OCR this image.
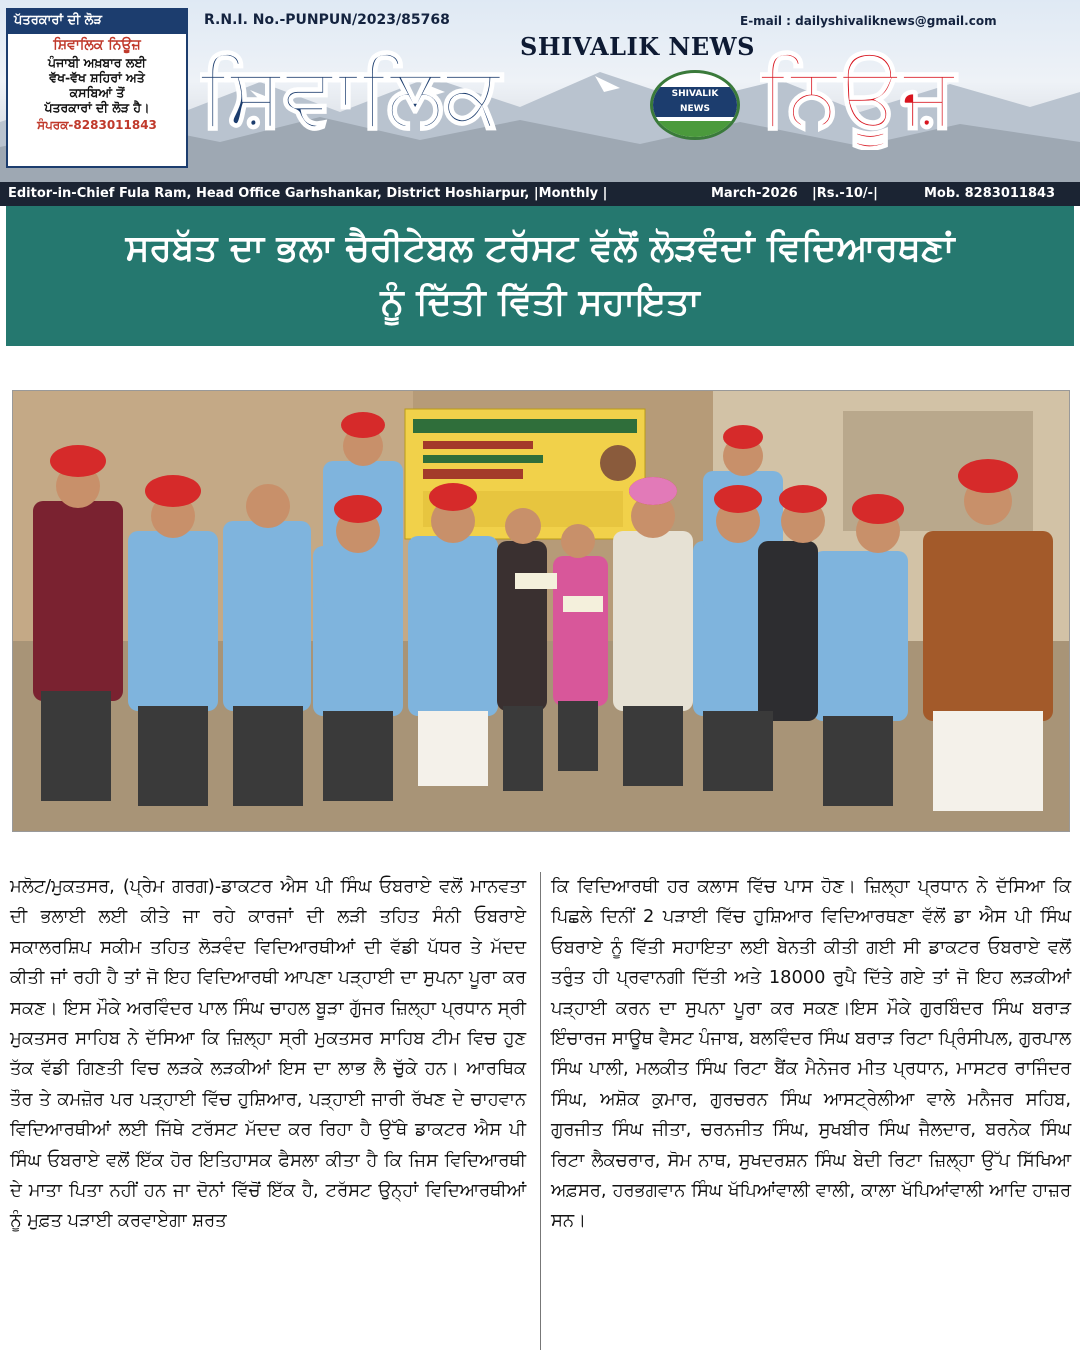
ਪੱਤਰਕਾਰਾਂ ਦੀ ਲੋੜ
ਸ਼ਿਵਾਲਿਕ ਨਿਊਜ਼
ਪੰਜਾਬੀ ਅਖ਼ਬਾਰ ਲਈ
ਵੱਖ-ਵੱਖ ਸ਼ਹਿਰਾਂ ਅਤੇ
ਕਸਬਿਆਂ ਤੋਂ
ਪੱਤਰਕਾਰਾਂ ਦੀ ਲੋੜ ਹੈ।
ਸੰਪਰਕ-8283011843
R.N.I. No.-PUNPUN/2023/85768	E-mail : dailyshivaliknews@gmail.com
SHIVALIK NEWS
ਸ਼ਿਵਾਲਿਕ	SHIVALIK
NEWS ਨਿਊਜ਼
Editor-in-Chief Fula Ram, Head Office Garhshankar, District Hoshiarpur, |Monthly |	March-2026 |Rs.-10/-|	Mob. 8283011843
ਸਰਬੱਤ ਦਾ ਭਲਾ ਚੈਰੀਟੇਬਲ ਟਰੱਸਟ ਵੱਲੋਂ ਲੋੜਵੰਦਾਂ ਵਿਦਿਆਰਥਣਾਂ
ਨੂੰ ਦਿੱਤੀ ਵਿੱਤੀ ਸਹਾਇਤਾ
ਮਲੋਟ/ਮੁਕਤਸਰ, (ਪ੍ਰੇਮ ਗਰਗ)-ਡਾਕਟਰ ਐਸ ਪੀ ਸਿੰਘ ਓਬਰਾਏ ਵਲੋਂ ਮਾਨਵਤਾ ਦੀ ਭਲਾਈ ਲਈ ਕੀਤੇ ਜਾ ਰਹੇ ਕਾਰਜਾਂ ਦੀ ਲੜੀ ਤਹਿਤ ਸੰਨੀ ਓਬਰਾਏ ਸਕਾਲਰਸ਼ਿਪ ਸਕੀਮ ਤਹਿਤ ਲੋੜਵੰਦ ਵਿਦਿਆਰਥੀਆਂ ਦੀ ਵੱਡੀ ਪੱਧਰ ਤੇ ਮੱਦਦ ਕੀਤੀ ਜਾਂ ਰਹੀ ਹੈ ਤਾਂ ਜੋ ਇਹ ਵਿਦਿਆਰਥੀ ਆਪਣਾ ਪੜ੍ਹਾਈ ਦਾ ਸੁਪਨਾ ਪੂਰਾ ਕਰ ਸਕਣ। ਇਸ ਮੌਕੇ ਅਰਵਿੰਦਰ ਪਾਲ ਸਿੰਘ ਚਾਹਲ ਬੂੜਾ ਗੁੱਜਰ ਜ਼ਿਲ੍ਹਾ ਪ੍ਰਧਾਨ ਸ੍ਰੀ ਮੁਕਤਸਰ ਸਾਹਿਬ ਨੇ ਦੱਸਿਆ ਕਿ ਜ਼ਿਲ੍ਹਾ ਸ੍ਰੀ ਮੁਕਤਸਰ ਸਾਹਿਬ ਟੀਮ ਵਿਚ ਹੁਣ ਤੱਕ ਵੱਡੀ ਗਿਣਤੀ ਵਿਚ ਲੜਕੇ ਲੜਕੀਆਂ ਇਸ ਦਾ ਲਾਭ ਲੈ ਚੁੱਕੇ ਹਨ। ਆਰਥਿਕ ਤੌਰ ਤੇ ਕਮਜ਼ੋਰ ਪਰ ਪੜ੍ਹਾਈ ਵਿੱਚ ਹੁਸ਼ਿਆਰ, ਪੜ੍ਹਾਈ ਜਾਰੀ ਰੱਖਣ ਦੇ ਚਾਹਵਾਨ ਵਿਦਿਆਰਥੀਆਂ ਲਈ ਜਿੱਥੇ ਟਰੱਸਟ ਮੱਦਦ ਕਰ ਰਿਹਾ ਹੈ ਉੱਥੇ ਡਾਕਟਰ ਐਸ ਪੀ ਸਿੰਘ ਓਬਰਾਏ ਵਲੋਂ ਇੱਕ ਹੋਰ ਇਤਿਹਾਸਕ ਫੈਸਲਾ ਕੀਤਾ ਹੈ ਕਿ ਜਿਸ ਵਿਦਿਆਰਥੀ ਦੇ ਮਾਤਾ ਪਿਤਾ ਨਹੀਂ ਹਨ ਜਾ ਦੋਨਾਂ ਵਿੱਚੋਂ ਇੱਕ ਹੈ, ਟਰੱਸਟ ਉਨ੍ਹਾਂ ਵਿਦਿਆਰਥੀਆਂ ਨੂੰ ਮੁਫ਼ਤ ਪੜਾਈ ਕਰਵਾਏਗਾ ਸ਼ਰਤ
ਕਿ ਵਿਦਿਆਰਥੀ ਹਰ ਕਲਾਸ ਵਿੱਚ ਪਾਸ ਹੋਣ। ਜ਼ਿਲ੍ਹਾ ਪ੍ਰਧਾਨ ਨੇ ਦੱਸਿਆ ਕਿ ਪਿਛਲੇ ਦਿਨੀਂ 2 ਪੜਾਈ ਵਿੱਚ ਹੁਸ਼ਿਆਰ ਵਿਦਿਆਰਥਣਾ ਵੱਲੋਂ ਡਾ ਐਸ ਪੀ ਸਿੰਘ ਓਬਰਾਏ ਨੂੰ ਵਿੱਤੀ ਸਹਾਇਤਾ ਲਈ ਬੇਨਤੀ ਕੀਤੀ ਗਈ ਸੀ ਡਾਕਟਰ ਓਬਰਾਏ ਵਲੋਂ ਤਰੁੰਤ ਹੀ ਪ੍ਰਵਾਨਗੀ ਦਿੱਤੀ ਅਤੇ 18000 ਰੁਪੈ ਦਿੱਤੇ ਗਏ ਤਾਂ ਜੋ ਇਹ ਲੜਕੀਆਂ ਪੜ੍ਹਾਈ ਕਰਨ ਦਾ ਸੁਪਨਾ ਪੂਰਾ ਕਰ ਸਕਣ।ਇਸ ਮੌਕੇ ਗੁਰਬਿੰਦਰ ਸਿੰਘ ਬਰਾੜ ਇੰਚਾਰਜ ਸਾਊਥ ਵੈਸਟ ਪੰਜਾਬ, ਬਲਵਿੰਦਰ ਸਿੰਘ ਬਰਾੜ ਰਿਟਾ ਪ੍ਰਿੰਸੀਪਲ, ਗੁਰਪਾਲ ਸਿੰਘ ਪਾਲੀ, ਮਲਕੀਤ ਸਿੰਘ ਰਿਟਾ ਬੈਂਕ ਮੈਨੇਜਰ ਮੀਤ ਪ੍ਰਧਾਨ, ਮਾਸਟਰ ਰਾਜਿੰਦਰ ਸਿੰਘ, ਅਸ਼ੋਕ ਕੁਮਾਰ, ਗੁਰਚਰਨ ਸਿੰਘ ਆਸਟ੍ਰੇਲੀਆ ਵਾਲੇ ਮਨੈਜਰ ਸਹਿਬ, ਗੁਰਜੀਤ ਸਿੰਘ ਜੀਤਾ, ਚਰਨਜੀਤ ਸਿੰਘ, ਸੁਖਬੀਰ ਸਿੰਘ ਜੈਲਦਾਰ, ਬਰਨੇਕ ਸਿੰਘ ਰਿਟਾ ਲੈਕਚਰਾਰ, ਸੋਮ ਨਾਥ, ਸੁਖਦਰਸ਼ਨ ਸਿੰਘ ਬੇਦੀ ਰਿਟਾ ਜ਼ਿਲ੍ਹਾ ਉੱਪ ਸਿੱਖਿਆ ਅਫ਼ਸਰ, ਹਰਭਗਵਾਨ ਸਿੰਘ ਖੱਪਿਆਂਵਾਲੀ ਵਾਲੀ, ਕਾਲਾ ਖੱਪਿਆਂਵਾਲੀ ਆਦਿ ਹਾਜ਼ਰ ਸਨ।
